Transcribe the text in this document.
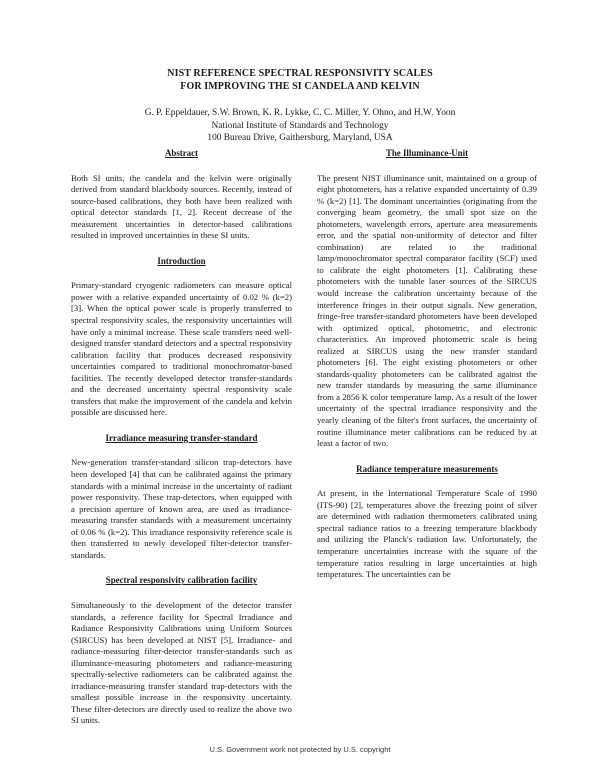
NIST REFERENCE SPECTRAL RESPONSIVITY SCALES
FOR IMPROVING THE SI CANDELA AND KELVIN
G. P. Eppeldauer, S.W. Brown, K. R. Lykke, C. C. Miller, Y. Ohno, and H.W. Yoon
National Institute of Standards and Technology
100 Bureau Drive, Gaithersburg, Maryland, USA
Abstract

Both SI units, the candela and the kelvin were originally derived from standard blackbody sources. Recently, instead of source-based calibrations, they both have been realized with optical detector standards [1, 2]. Recent decrease of the measurement uncertainties in detector-based calibrations resulted in improved uncertainties in these SI units.

Introduction

Primary-standard cryogenic radiometers can measure optical power with a relative expanded uncertainty of 0.02 % (k=2) [3]. When the optical power scale is properly transferred to spectral responsivity scales, the responsivity uncertainties will have only a minimal increase. These scale transfers need well-designed transfer standard detectors and a spectral responsivity calibration facility that produces decreased responsivity uncertainties compared to traditional monochromator-based facilities. The recently developed detector transfer-standards and the decreased uncertainty spectral responsivity scale transfers that make the improvement of the candela and kelvin possible are discussed here.

Irradiance measuring transfer-standard

New-generation transfer-standard silicon trap-detectors have been developed [4] that can be calibrated against the primary standards with a minimal increase in the uncertainty of radiant power responsivity. These trap-detectors, when equipped with a precision aperture of known area, are used as irradiance-measuring transfer standards with a measurement uncertainty of 0.06 % (k=2). This irradiance responsivity reference scale is then transferred to newly developed filter-detector transfer-standards.

Spectral responsivity calibration facility

Simultaneously to the development of the detector transfer standards, a reference facility for Spectral Irradiance and Radiance Responsivity Calibrations using Uniform Sources (SIRCUS) has been developed at NIST [5]. Irradiance- and radiance-measuring filter-detector transfer-standards such as illuminance-measuring photometers and radiance-measuring spectrally-selective radiometers can be calibrated against the irradiance-measuring transfer standard trap-detectors with the smallest possible increase in the responsivity uncertainty. These filter-detectors are directly used to realize the above two SI units.

The Illuminance-Unit

The present NIST illuminance unit, maintained on a group of eight photometers, has a relative expanded uncertainty of 0.39 % (k=2) [1]. The dominant uncertainties (originating from the converging beam geometry, the small spot size on the photometers, wavelength errors, aperture area measurements error, and the spatial non-uniformity of detector and filter combination) are related to the traditional lamp/monochromator spectral comparator facility (SCF) used to calibrate the eight photometers [1]. Calibrating these photometers with the tunable laser sources of the SIRCUS would increase the calibration uncertainty because of the interference fringes in their output signals. New generation, fringe-free transfer-standard photometers have been developed with optimized optical, photometric, and electronic characteristics. An improved photometric scale is being realized at SIRCUS using the new transfer standard photometers [6]. The eight existing photometers or other standards-quality photometers can be calibrated against the new transfer standards by measuring the same illuminance from a 2856 K color temperature lamp. As a result of the lower uncertainty of the spectral irradiance responsivity and the yearly cleaning of the filter's front surfaces, the uncertainty of routine illuminance meter calibrations can be reduced by at least a factor of two.

Radiance temperature measurements

At present, in the International Temperature Scale of 1990 (ITS-90) [2], temperatures above the freezing point of silver are determined with radiation thermometers calibrated using spectral radiance ratios to a freezing temperature blackbody and utilizing the Planck's radiation law. Unfortunately, the temperature uncertainties increase with the square of the temperature ratios resulting in large uncertainties at high temperatures. The uncertainties can be

U.S. Government work not protected by U.S. copyright
